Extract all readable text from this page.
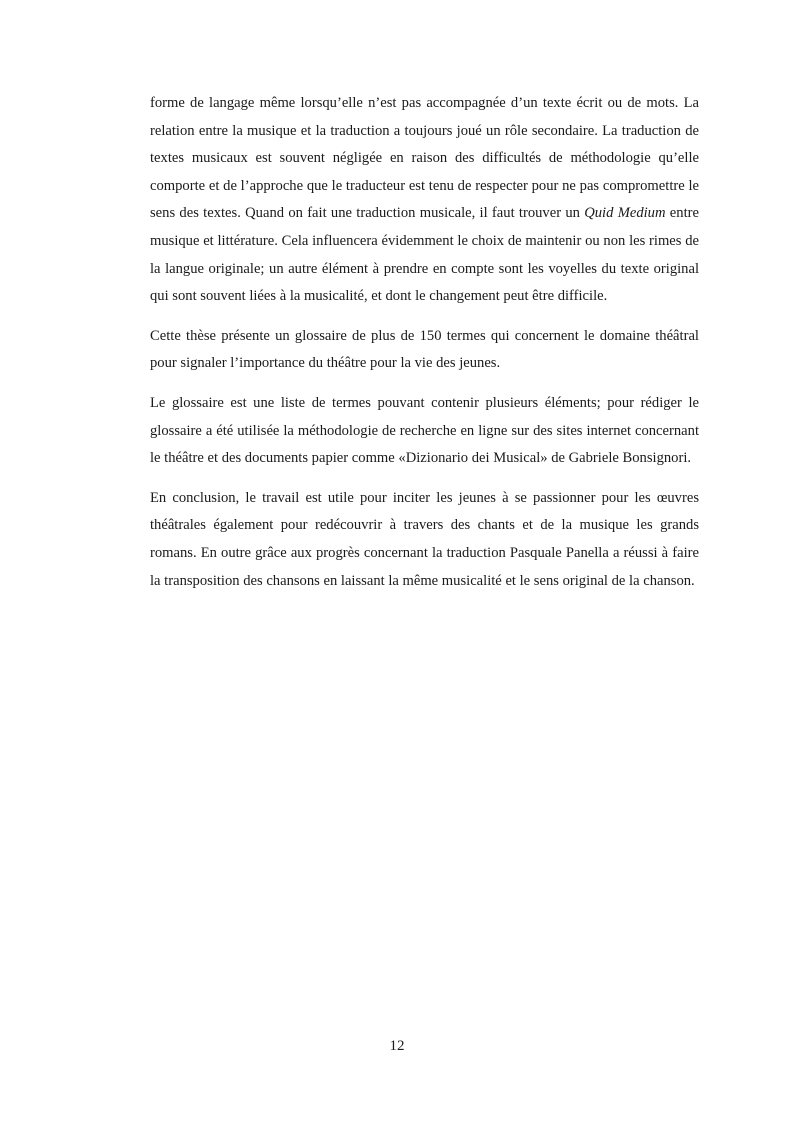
forme de langage même lorsqu’elle n’est pas accompagnée d’un texte écrit ou de mots. La relation entre la musique et la traduction a toujours joué un rôle secondaire. La traduction de textes musicaux est souvent négligée en raison des difficultés de méthodologie qu’elle comporte et de l’approche que le traducteur est tenu de respecter pour ne pas compromettre le sens des textes. Quand on fait une traduction musicale, il faut trouver un Quid Medium entre musique et littérature. Cela influencera évidemment le choix de maintenir ou non les rimes de la langue originale; un autre élément à prendre en compte sont les voyelles du texte original qui sont souvent liées à la musicalité, et dont le changement peut être difficile.

Cette thèse présente un glossaire de plus de 150 termes qui concernent le domaine théâtral pour signaler l’importance du théâtre pour la vie des jeunes.

Le glossaire est une liste de termes pouvant contenir plusieurs éléments; pour rédiger le glossaire a été utilisée la méthodologie de recherche en ligne sur des sites internet concernant le théâtre et des documents papier comme «Dizionario dei Musical» de Gabriele Bonsignori.

En conclusion, le travail est utile pour inciter les jeunes à se passionner pour les œuvres théâtrales également pour redécouvrir à travers des chants et de la musique les grands romans. En outre grâce aux progrès concernant la traduction Pasquale Panella a réussi à faire la transposition des chansons en laissant la même musicalité et le sens original de la chanson.

12
